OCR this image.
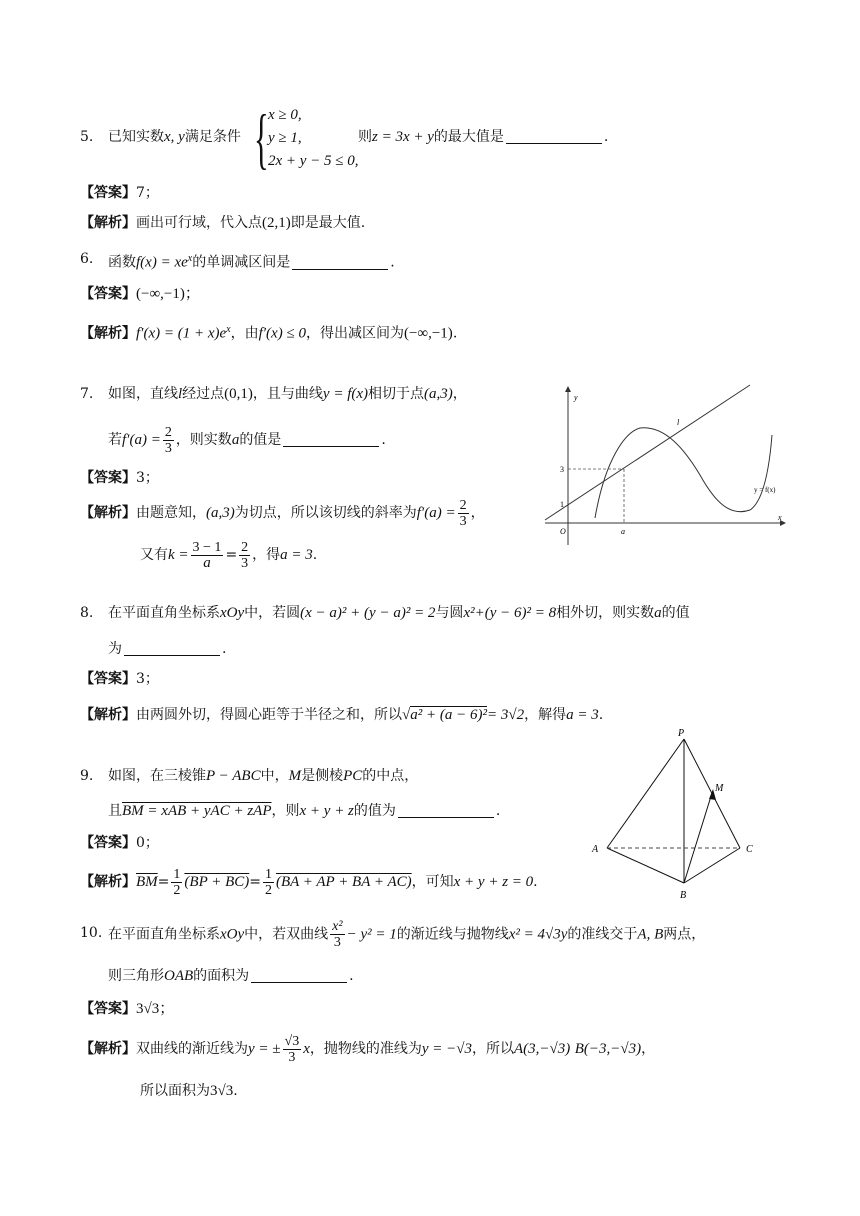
5. 已知实数x, y满足条件 { x ≥ 0,
y ≥ 1,
2x + y − 5 ≤ 0,
则z = 3x + y的最大值是	.
【答案】7；
【解析】画出可行域，代入点(2,1)即是最大值.
6. 函数$f(x) = xe^x$的单调减区间是	.
【答案】(−∞,−1)；
【解析】$f'(x) = (1 + x)e^x$，由f′(x) ≤ 0，得出减区间为(−∞,−1).
7. 如图，直线l经过点(0,1)，且与曲线y = f(x)相切于点(a,3)，
若$f'(a) = \frac{2}{3}$ ，则实数a的值是	.
【答案】3；
【解析】由题意知，(a,3)为切点，所以该切线的斜率为$f'(a) = \frac{2}{3}$ ，
又有$k = \frac{3 - 1}{a} = \frac{2}{3}$ ，得a = 3.
y
x
O
3
1
a
l
y = f(x)
8. 在平面直角坐标系xOy中，若圆(x − a)² + (y − a)² = 2与圆x²+(y − 6)² = 8相外切，则实数a的值
为	.
【答案】3；
【解析】由两圆外切，得圆心距等于半径之和，所以√a² + (a − 6)²= 3√2，解得a = 3.
9. 如图，在三棱锥P − ABC中，M是侧棱PC的中点，
且BM = xAB + yAC + zAP，则x + y + z的值为	.
【答案】0；
【解析】$\overline{BM}= \frac{1}{2} (BP + BC)= \frac{1}{2} (BA$ + AP + BA + AC)，可知x + y + z = 0.
P
M
A
B
C
10. 在平面直角坐标系xOy中，若双曲线 $\frac{\text{x²}}{3} - y^2 = 1$的渐近线与抛物线x² = 4√3y的准线交于A, B两点，
则三角形OAB的面积为	.
【答案】3√3；
【解析】双曲线的渐近线为y = ± $\frac{√3}{3}$ x，抛物线的准线为y = −√3，所以A(3,−√3) B(−3,−√3)，
所以面积为3√3.
